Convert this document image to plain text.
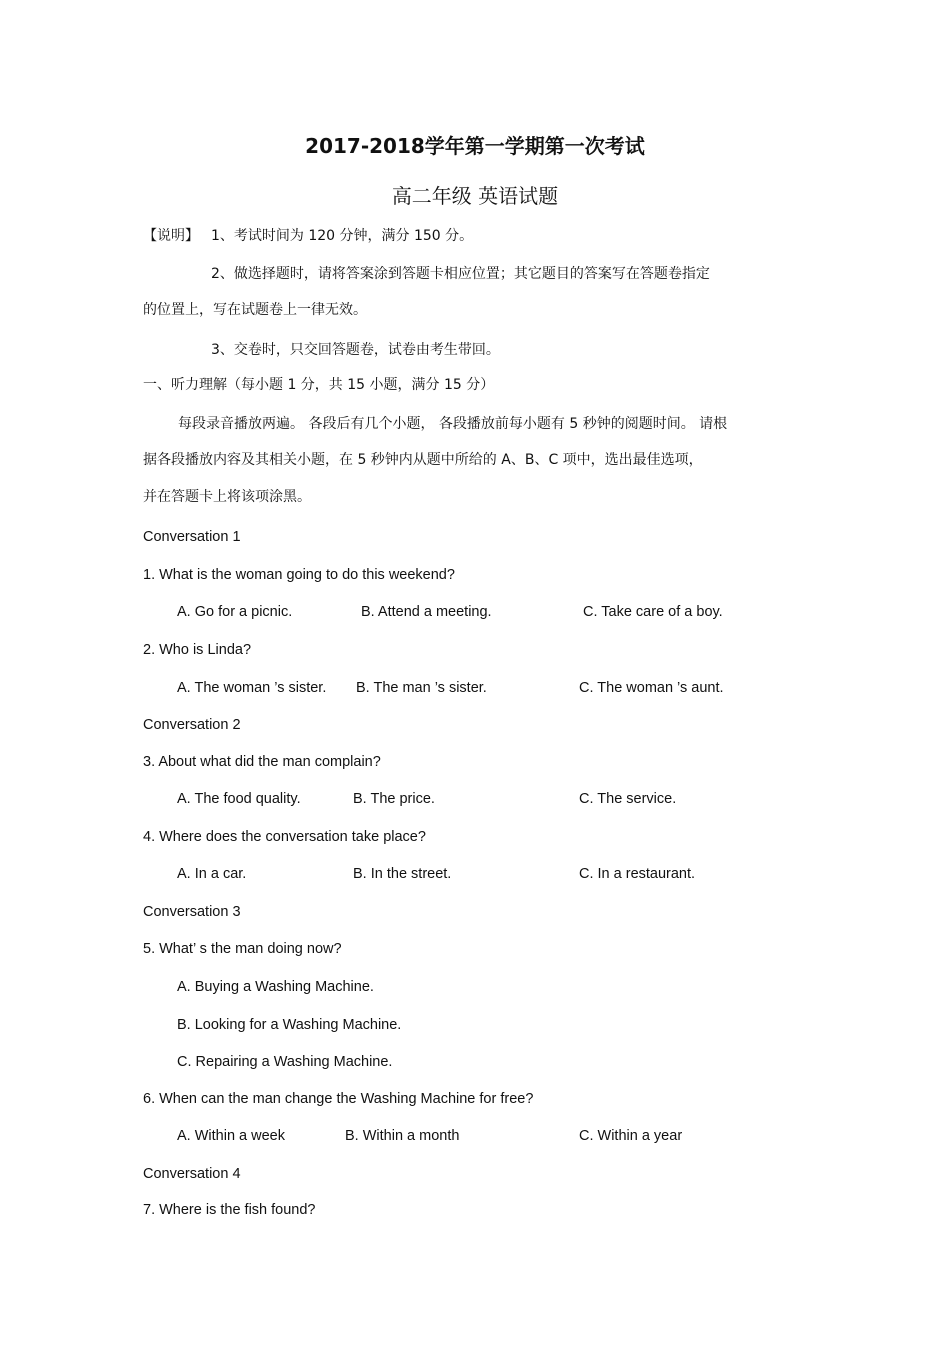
2017-2018学年第一学期第一次考试
高二年级 英语试题
【说明】 1、考试时间为 120 分钟，满分 150 分。
2、做选择题时，请将答案涂到答题卡相应位置；其它题目的答案写在答题卷指定
的位置上，写在试题卷上一律无效。
3、交卷时，只交回答题卷，试卷由考生带回。
一、听力理解（每小题 1 分，共 15 小题，满分 15 分）
每段录音播放两遍。 各段后有几个小题， 各段播放前每小题有 5 秒钟的阅题时间。 请根
据各段播放内容及其相关小题，在 5 秒钟内从题中所给的 A、B、C 项中，选出最佳选项，
并在答题卡上将该项涂黑。
Conversation 1
1. What is the woman going to do this weekend?
A. Go for a picnic.	B. Attend a meeting.	C. Take care of a boy.
2. Who is Linda?
A. The woman ’s sister. B. The man ’s sister.	C. The woman ’s aunt.
Conversation 2
3. About what did the man complain?
A. The food quality.	B. The price.	C. The service.
4. Where does the conversation take place?
A. In a car.	B. In the street.	C. In a restaurant.
Conversation 3
5. What’ s the man doing now?
A. Buying a Washing Machine.
B. Looking for a Washing Machine.
C. Repairing a Washing Machine.
6. When can the man change the Washing Machine for free?
A. Within a week	B. Within a month	C. Within a year
Conversation 4
7. Where is the fish found?
